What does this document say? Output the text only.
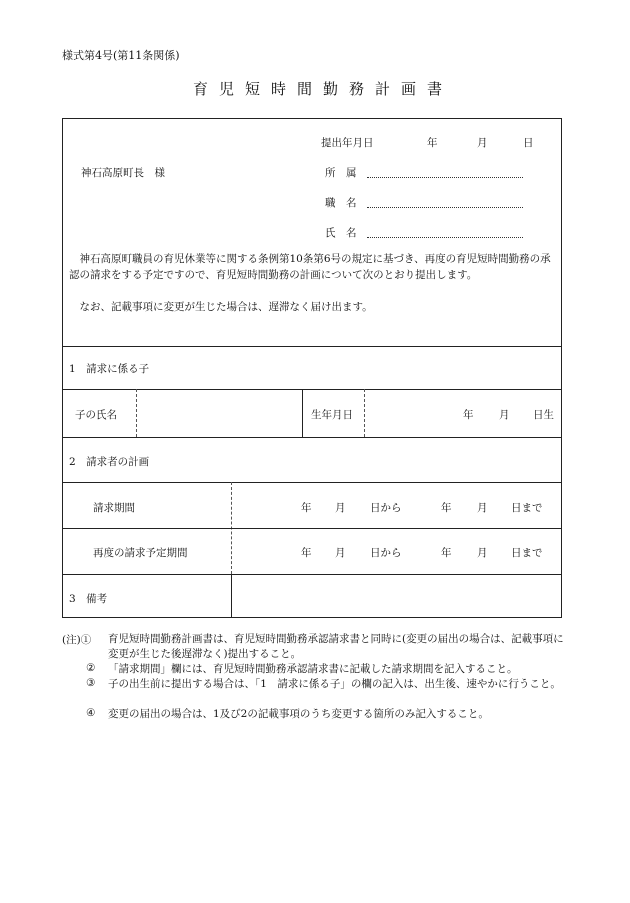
様式第4号(第11条関係)
育児短時間勤務計画書
提出年月日	年	月	日
神石高原町長　様	所　属
職　名
氏　名
神石高原町職員の育児休業等に関する条例第10条第6号の規定に基づき、再度の育児短時間勤務の承認の請求をする予定ですので、育児短時間勤務の計画について次のとおり提出します。
なお、記載事項に変更が生じた場合は、遅滞なく届け出ます。
1　請求に係る子
子の氏名	生年月日	年 月 日生
2　請求者の計画
請求期間	年 月 日から	年 月 日まで
再度の請求予定期間	年 月 日から	年 月 日まで
3　備考
(注)① 育児短時間勤務計画書は、育児短時間勤務承認請求書と同時に(変更の届出の場合は、記載事項に変更が生じた後遅滞なく)提出すること。
② 「請求期間」欄には、育児短時間勤務承認請求書に記載した請求期間を記入すること。
③ 子の出生前に提出する場合は、「1　請求に係る子」の欄の記入は、出生後、速やかに行うこと。
④ 変更の届出の場合は、1及び2の記載事項のうち変更する箇所のみ記入すること。
